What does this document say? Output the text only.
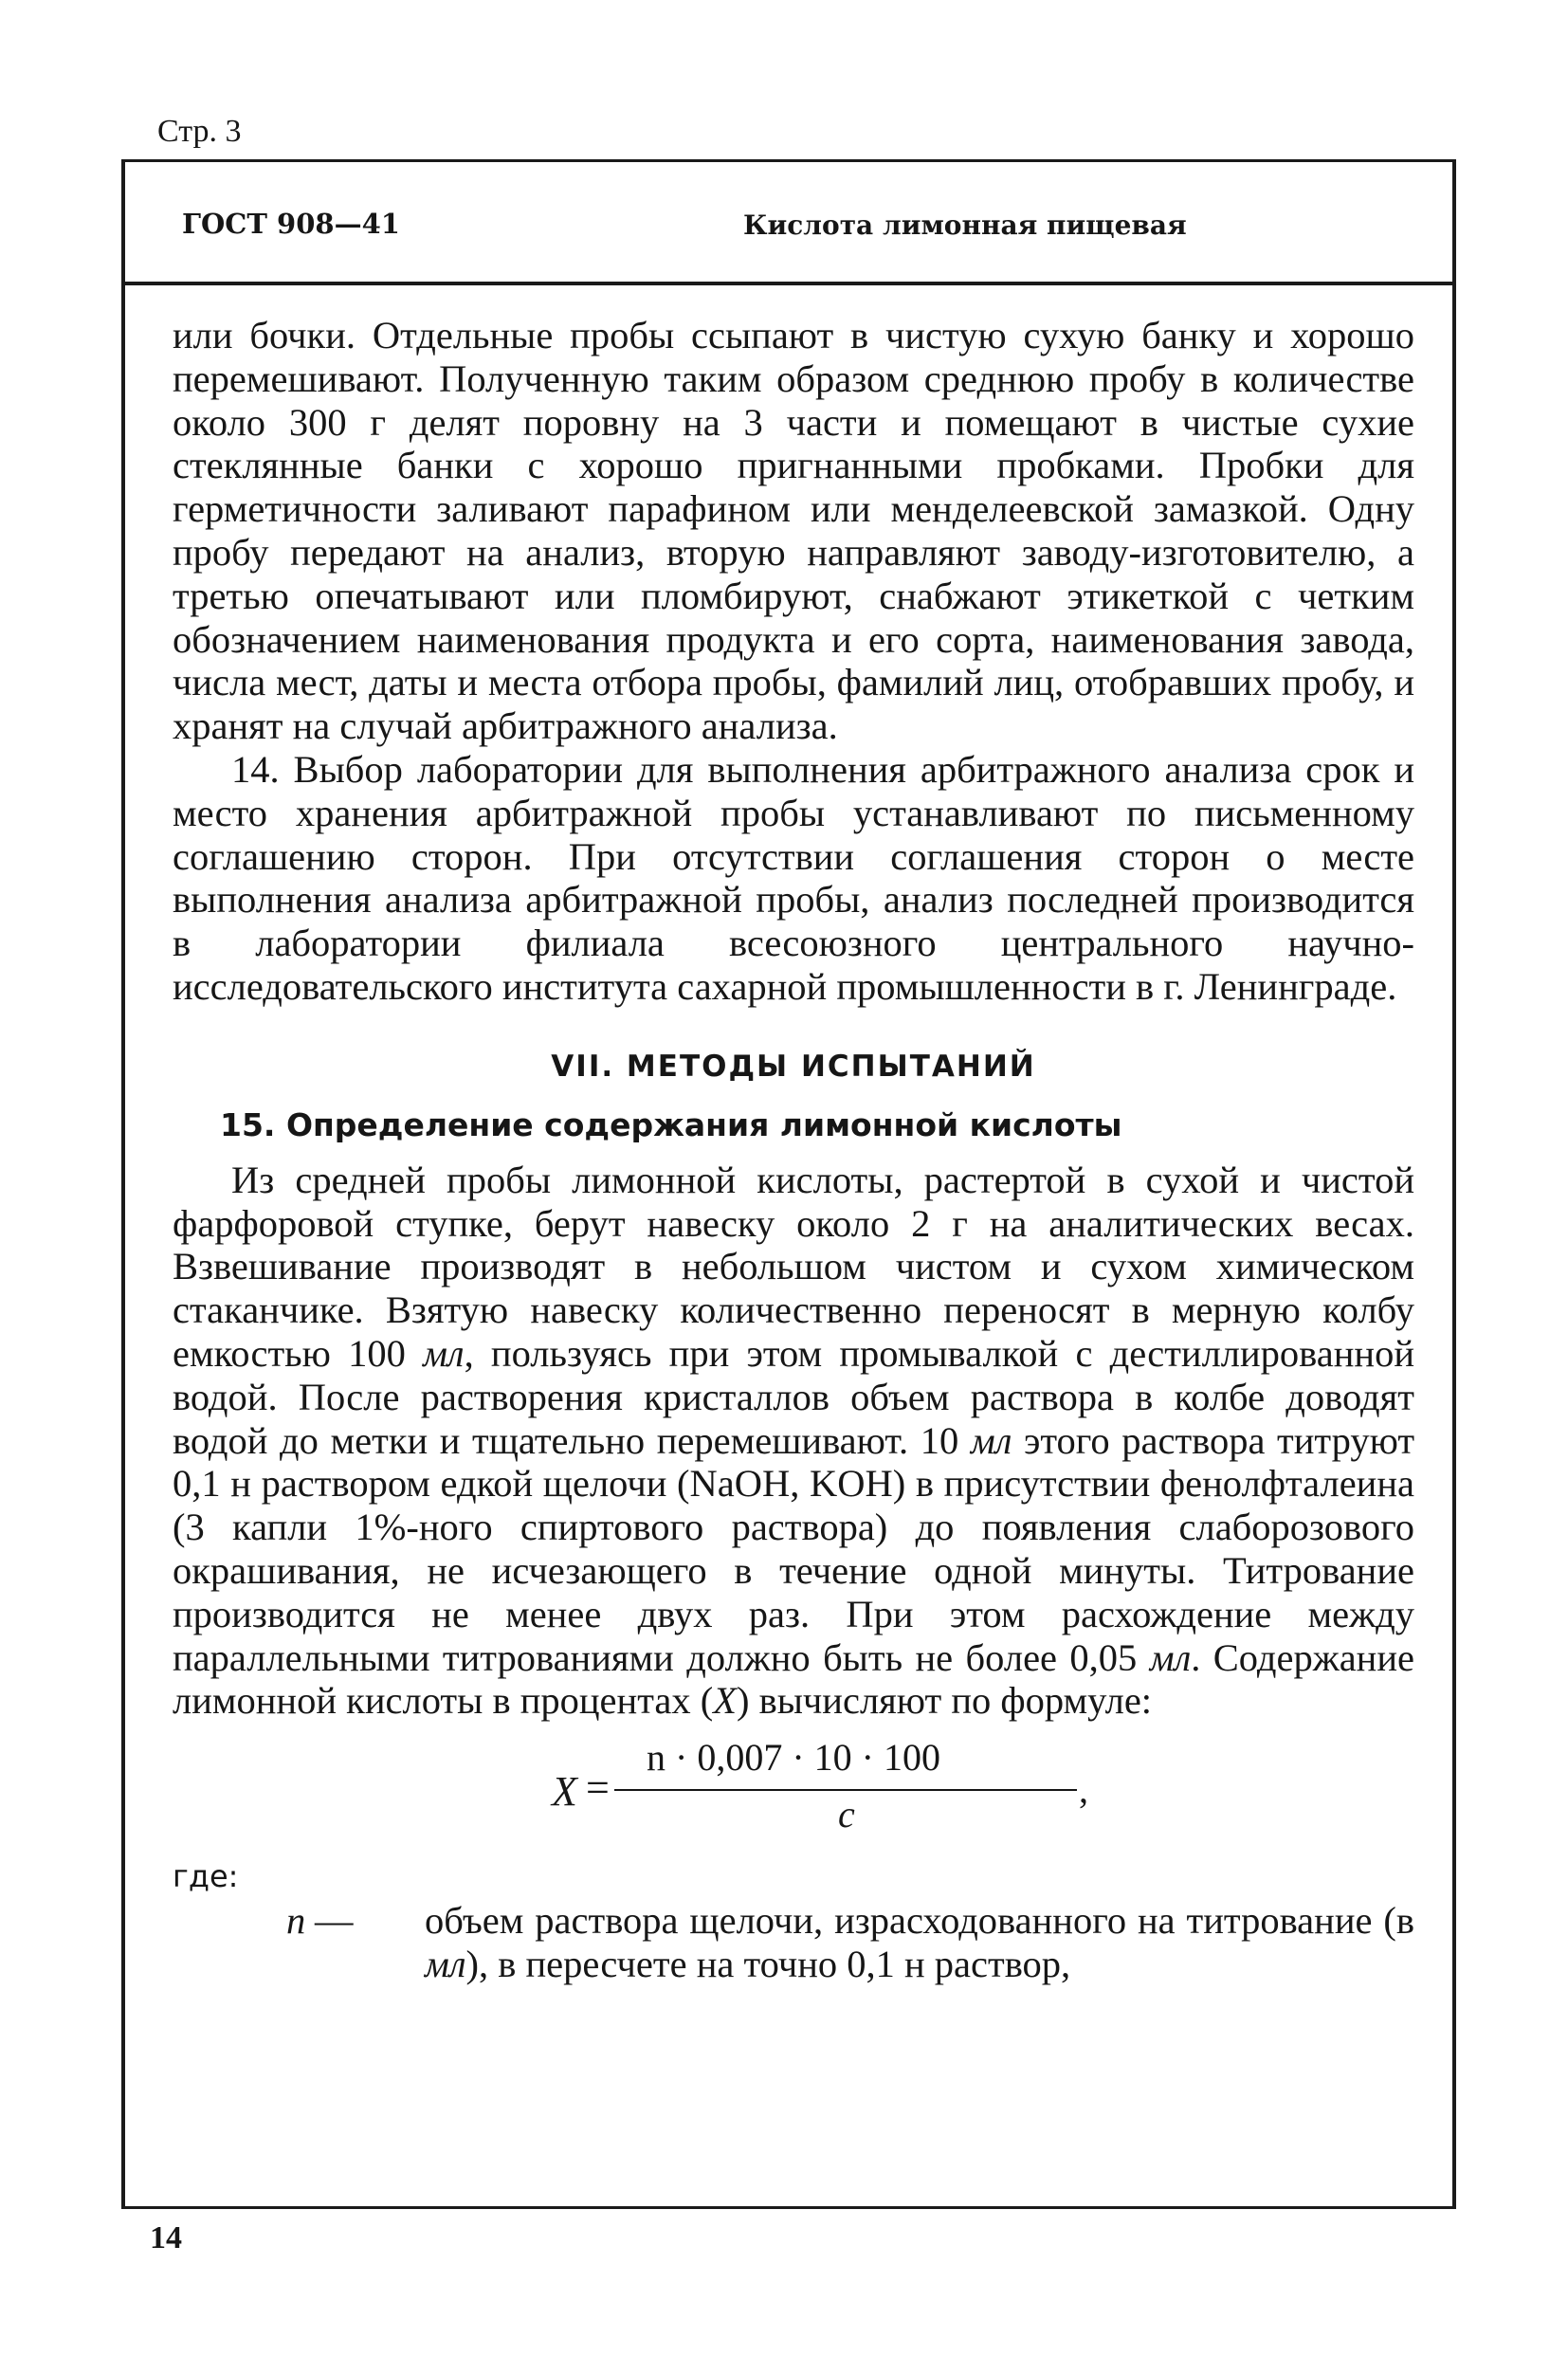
Стр. 3
ГОСТ 908—41	Кислота лимонная пищевая

или бочки. Отдельные пробы ссыпают в чистую сухую банку и хорошо перемешивают. Полученную таким образом среднюю пробу в количестве около 300 г делят поровну на 3 части и помещают в чистые сухие стеклянные банки с хорошо пригнанными пробками. Пробки для герметичности заливают парафином или менделеевской замазкой. Одну пробу передают на анализ, вторую направляют заводу-изготовителю, а третью опечатывают или пломбируют, снабжают этикеткой с четким обозначением наименования продукта и его сорта, наименования завода, числа мест, даты и места отбора пробы, фамилий лиц, отобравших пробу, и хранят на случай арбитражного анализа.

14. Выбор лаборатории для выполнения арбитражного анализа срок и место хранения арбитражной пробы устанавливают по письменному соглашению сторон. При отсутствии соглашения сторон о месте выполнения анализа арбитражной пробы, анализ последней производится в лаборатории филиала всесоюзного центрального научно-исследовательского института сахарной промышленности в г. Ленинграде.

VII. МЕТОДЫ ИСПЫТАНИЙ
15. Определение содержания лимонной кислоты

Из средней пробы лимонной кислоты, растертой в сухой и чистой фарфоровой ступке, берут навеску около 2 г на аналитических весах. Взвешивание производят в небольшом чистом и сухом химическом стаканчике. Взятую навеску количественно переносят в мерную колбу емкостью 100 мл, пользуясь при этом промывалкой с дестиллированной водой. После растворения кристаллов объем раствора в колбе доводят водой до метки и тщательно перемешивают. 10 мл этого раствора титруют 0,1 н раствором едкой щелочи (NaOH, KOH) в присутствии фенолфталеина (3 капли 1%-ного спиртового раствора) до появления слаборозового окрашивания, не исчезающего в течение одной минуты. Титрование производится не менее двух раз. При этом расхождение между параллельными титрованиями должно быть не более 0,05 мл. Содержание лимонной кислоты в процентах (X) вычисляют по формуле:

X =
n · 0,007 · 10 · 100
c
,
где:

n — объем раствора щелочи, израсходованного на титрование (в мл), в пересчете на точно 0,1 н раствор,

14
